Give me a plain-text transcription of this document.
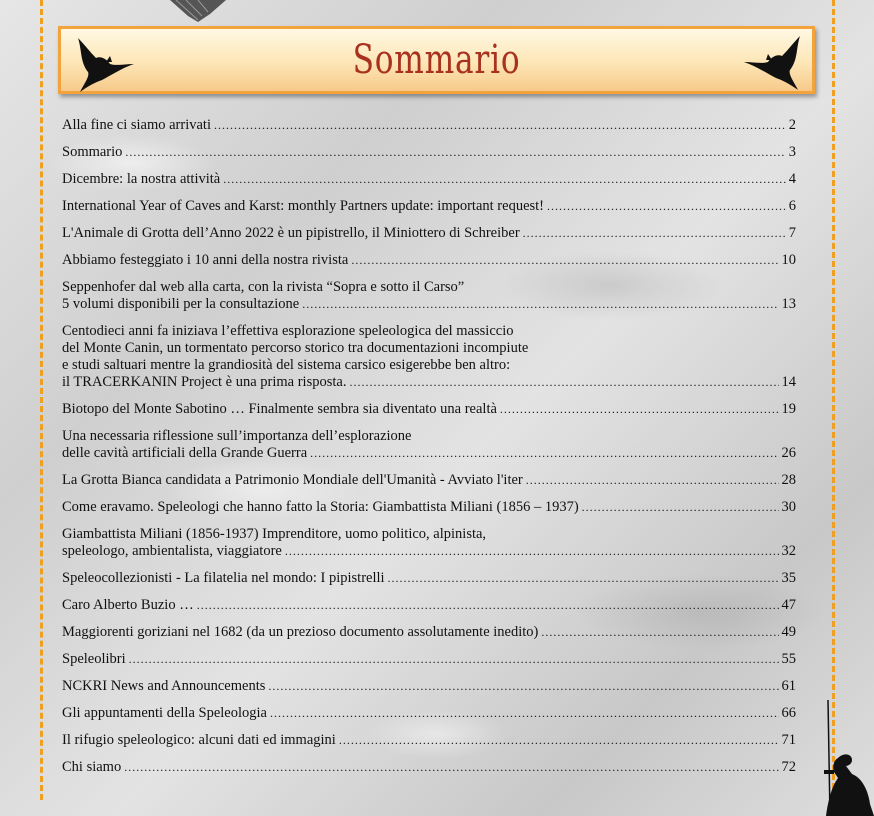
Sommario
Alla fine ci siamo arrivati .....	2
Sommario .....	3
Dicembre: la nostra attività .....	4
International Year of Caves and Karst: monthly Partners update: important request! .....	6
L'Animale di Grotta dell’Anno 2022 è un pipistrello, il Miniottero di Schreiber .....	7
Abbiamo festeggiato i 10 anni della nostra rivista .....	10
Seppenhofer dal web alla carta, con la rivista “Sopra e sotto il Carso”
5 volumi disponibili per la consultazione .....	13
Centodieci anni fa iniziava l’effettiva esplorazione speleologica del massiccio
del Monte Canin, un tormentato percorso storico tra documentazioni incompiute
e studi saltuari mentre la grandiosità del sistema carsico esigerebbe ben altro:
il TRACERKANIN Project è una prima risposta. .....	14
Biotopo del Monte Sabotino … Finalmente sembra sia diventato una realtà .....	19
Una necessaria riflessione sull’importanza dell’esplorazione
delle cavità artificiali della Grande Guerra .....	26
La Grotta Bianca candidata a Patrimonio Mondiale dell'Umanità - Avviato l'iter .....	28
Come eravamo. Speleologi che hanno fatto la Storia: Giambattista Miliani (1856 – 1937) .....	30
Giambattista Miliani (1856-1937) Imprenditore, uomo politico, alpinista,
speleologo, ambientalista, viaggiatore .....	32
Speleocollezionisti - La filatelia nel mondo: I pipistrelli .....	35
Caro Alberto Buzio … .....	47
Maggiorenti goriziani nel 1682 (da un prezioso documento assolutamente inedito) .....	49
Speleolibri .....	55
NCKRI News and Announcements .....	61
Gli appuntamenti della Speleologia .....	66
Il rifugio speleologico: alcuni dati ed immagini .....	71
Chi siamo .....	72
